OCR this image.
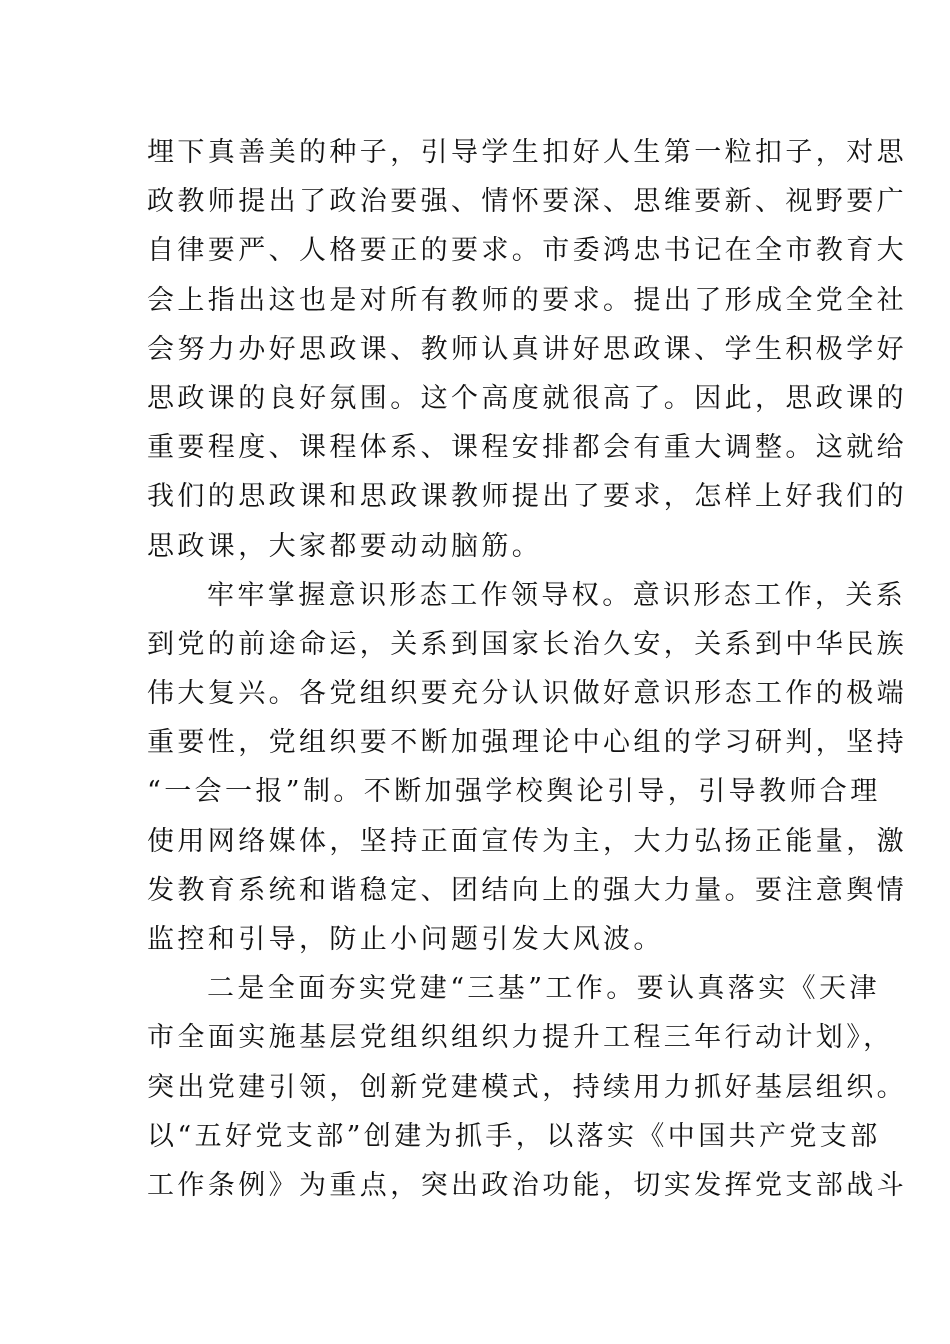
埋下真善美的种子，引导学生扣好人生第一粒扣子，对思
政教师提出了政治要强、情怀要深、思维要新、视野要广
自律要严、人格要正的要求。市委鸿忠书记在全市教育大
会上指出这也是对所有教师的要求。提出了形成全党全社
会努力办好思政课、教师认真讲好思政课、学生积极学好
思政课的良好氛围。这个高度就很高了。因此，思政课的
重要程度、课程体系、课程安排都会有重大调整。这就给
我们的思政课和思政课教师提出了要求，怎样上好我们的
思政课，大家都要动动脑筋。
牢牢掌握意识形态工作领导权。意识形态工作，关系
到党的前途命运，关系到国家长治久安，关系到中华民族
伟大复兴。各党组织要充分认识做好意识形态工作的极端
重要性，党组织要不断加强理论中心组的学习研判，坚持
“一会一报”制。不断加强学校舆论引导，引导教师合理
使用网络媒体，坚持正面宣传为主，大力弘扬正能量，激
发教育系统和谐稳定、团结向上的强大力量。要注意舆情
监控和引导，防止小问题引发大风波。
二是全面夯实党建“三基”工作。要认真落实《天津
市全面实施基层党组织组织力提升工程三年行动计划》，
突出党建引领，创新党建模式，持续用力抓好基层组织。
以“五好党支部”创建为抓手，以落实《中国共产党支部
工作条例》为重点，突出政治功能，切实发挥党支部战斗
